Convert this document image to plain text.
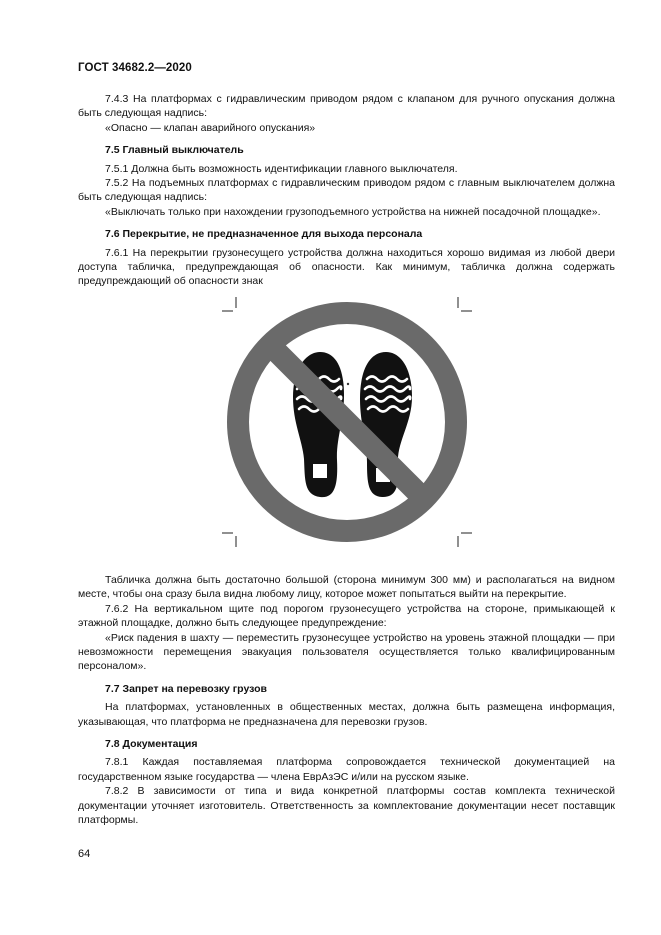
ГОСТ 34682.2—2020

7.4.3 На платформах с гидравлическим приводом рядом с клапаном для ручного опускания должна быть следующая надпись:

«Опасно — клапан аварийного опускания»

7.5 Главный выключатель

7.5.1 Должна быть возможность идентификации главного выключателя.

7.5.2 На подъемных платформах с гидравлическим приводом рядом с главным выключателем должна быть следующая надпись:

«Выключать только при нахождении грузоподъемного устройства на нижней посадочной площадке».

7.6 Перекрытие, не предназначенное для выхода персонала

7.6.1 На перекрытии грузонесущего устройства должна находиться хорошо видимая из любой двери доступа табличка, предупреждающая об опасности. Как минимум, табличка должна содержать предупреждающий об опасности знак

Табличка должна быть достаточно большой (сторона минимум 300 мм) и располагаться на видном месте, чтобы она сразу была видна любому лицу, которое может попытаться выйти на перекрытие.

7.6.2 На вертикальном щите под порогом грузонесущего устройства на стороне, примыкающей к этажной площадке, должно быть следующее предупреждение:

«Риск падения в шахту — переместить грузонесущее устройство на уровень этажной площадки — при невозможности перемещения эвакуация пользователя осуществляется только квалифицированным персоналом».

7.7 Запрет на перевозку грузов

На платформах, установленных в общественных местах, должна быть размещена информация, указывающая, что платформа не предназначена для перевозки грузов.

7.8 Документация

7.8.1 Каждая поставляемая платформа сопровождается технической документацией на государственном языке государства — члена ЕврАзЭС и/или на русском языке.

7.8.2 В зависимости от типа и вида конкретной платформы состав комплекта технической документации уточняет изготовитель. Ответственность за комплектование документации несет поставщик платформы.

64
